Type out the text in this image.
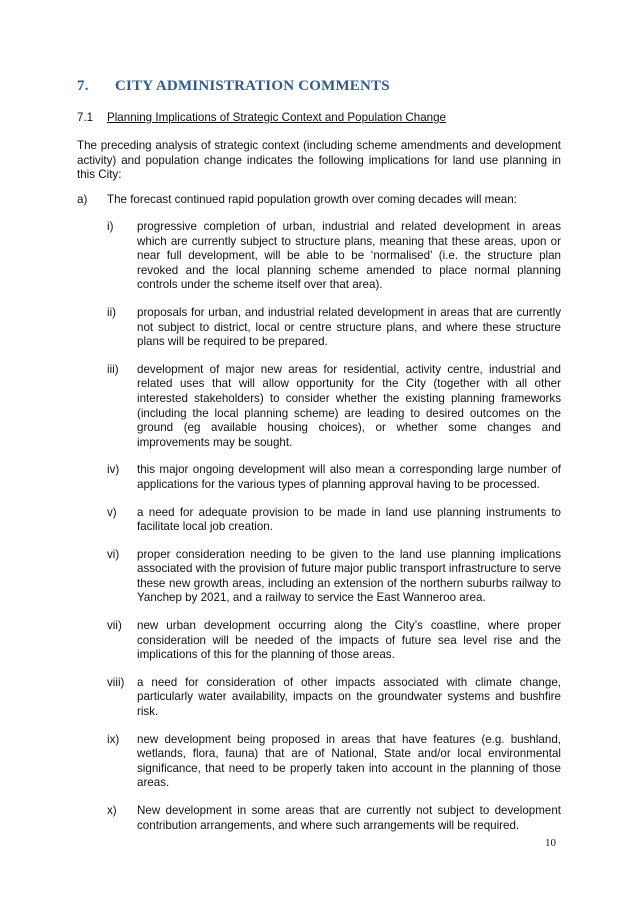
7. CITY ADMINISTRATION COMMENTS
7.1 Planning Implications of Strategic Context and Population Change
The preceding analysis of strategic context (including scheme amendments and development activity) and population change indicates the following implications for land use planning in this City:
a) The forecast continued rapid population growth over coming decades will mean:
i) progressive completion of urban, industrial and related development in areas which are currently subject to structure plans, meaning that these areas, upon or near full development, will be able to be ‘normalised’ (i.e. the structure plan revoked and the local planning scheme amended to place normal planning controls under the scheme itself over that area).
ii) proposals for urban, and industrial related development in areas that are currently not subject to district, local or centre structure plans, and where these structure plans will be required to be prepared.
iii) development of major new areas for residential, activity centre, industrial and related uses that will allow opportunity for the City (together with all other interested stakeholders) to consider whether the existing planning frameworks (including the local planning scheme) are leading to desired outcomes on the ground (eg available housing choices), or whether some changes and improvements may be sought.
iv) this major ongoing development will also mean a corresponding large number of applications for the various types of planning approval having to be processed.
v) a need for adequate provision to be made in land use planning instruments to facilitate local job creation.
vi) proper consideration needing to be given to the land use planning implications associated with the provision of future major public transport infrastructure to serve these new growth areas, including an extension of the northern suburbs railway to Yanchep by 2021, and a railway to service the East Wanneroo area.
vii) new urban development occurring along the City’s coastline, where proper consideration will be needed of the impacts of future sea level rise and the implications of this for the planning of those areas.
viii) a need for consideration of other impacts associated with climate change, particularly water availability, impacts on the groundwater systems and bushfire risk.
ix) new development being proposed in areas that have features (e.g. bushland, wetlands, flora, fauna) that are of National, State and/or local environmental significance, that need to be properly taken into account in the planning of those areas.
x) New development in some areas that are currently not subject to development contribution arrangements, and where such arrangements will be required.
10
